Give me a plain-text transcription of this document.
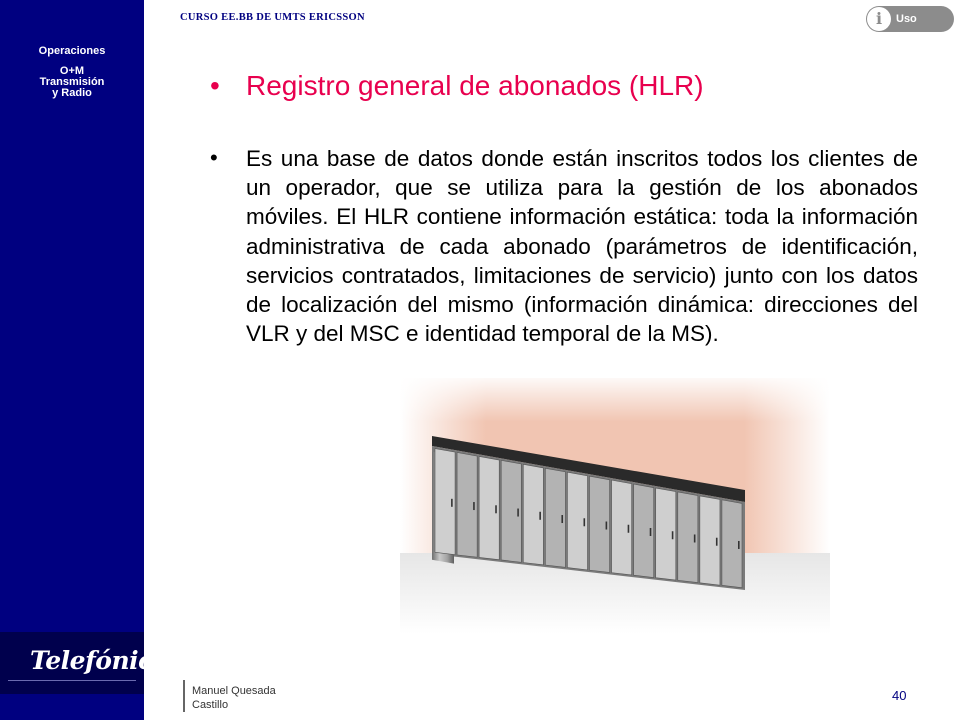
Operaciones
O+M
Transmisión
y Radio
Telefónica
CURSO EE.BB DE UMTS ERICSSON	i	Uso Interno
• Registro general de abonados (HLR)
• Es una base de datos donde están inscritos todos los clientes de un operador, que se utiliza para la gestión de los abonados móviles. El HLR contiene información estática: toda la información administrativa de cada abonado (parámetros de identificación, servicios contratados, limitaciones de servicio) junto con los datos de localización del mismo (información dinámica: direcciones del VLR y del MSC e identidad temporal de la MS).
Manuel Quesada
Castillo
40
